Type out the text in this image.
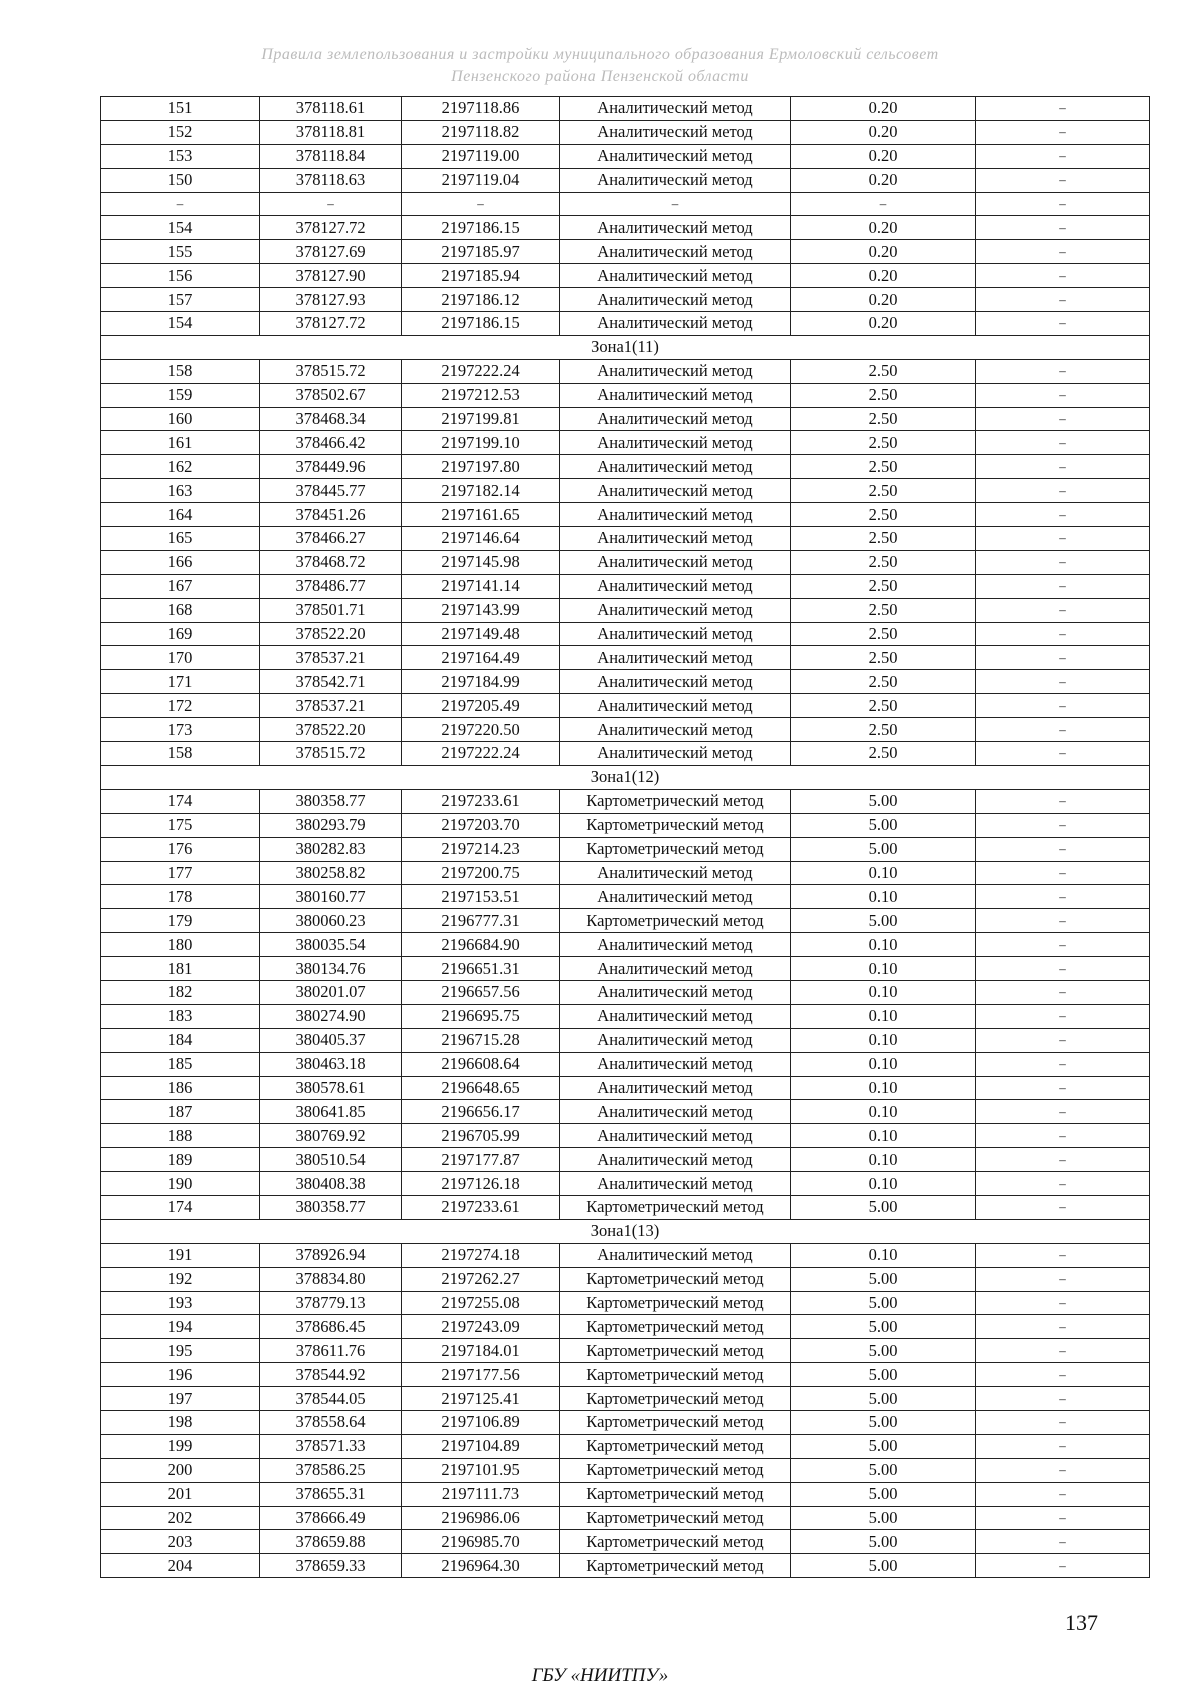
Правила землепользования и застройки муниципального образования Ермоловский сельсовет
Пензенского района Пензенской области
151	378118.61	2197118.86	Аналитический метод	0.20	–
152	378118.81	2197118.82	Аналитический метод	0.20	–
153	378118.84	2197119.00	Аналитический метод	0.20	–
150	378118.63	2197119.04	Аналитический метод	0.20	–
–	–	–	–	–	–
154	378127.72	2197186.15	Аналитический метод	0.20	–
155	378127.69	2197185.97	Аналитический метод	0.20	–
156	378127.90	2197185.94	Аналитический метод	0.20	–
157	378127.93	2197186.12	Аналитический метод	0.20	–
154	378127.72	2197186.15	Аналитический метод	0.20	–
Зона1(11)					
158	378515.72	2197222.24	Аналитический метод	2.50	–
159	378502.67	2197212.53	Аналитический метод	2.50	–
160	378468.34	2197199.81	Аналитический метод	2.50	–
161	378466.42	2197199.10	Аналитический метод	2.50	–
162	378449.96	2197197.80	Аналитический метод	2.50	–
163	378445.77	2197182.14	Аналитический метод	2.50	–
164	378451.26	2197161.65	Аналитический метод	2.50	–
165	378466.27	2197146.64	Аналитический метод	2.50	–
166	378468.72	2197145.98	Аналитический метод	2.50	–
167	378486.77	2197141.14	Аналитический метод	2.50	–
168	378501.71	2197143.99	Аналитический метод	2.50	–
169	378522.20	2197149.48	Аналитический метод	2.50	–
170	378537.21	2197164.49	Аналитический метод	2.50	–
171	378542.71	2197184.99	Аналитический метод	2.50	–
172	378537.21	2197205.49	Аналитический метод	2.50	–
173	378522.20	2197220.50	Аналитический метод	2.50	–
158	378515.72	2197222.24	Аналитический метод	2.50	–
Зона1(12)					
174	380358.77	2197233.61	Картометрический метод	5.00	–
175	380293.79	2197203.70	Картометрический метод	5.00	–
176	380282.83	2197214.23	Картометрический метод	5.00	–
177	380258.82	2197200.75	Аналитический метод	0.10	–
178	380160.77	2197153.51	Аналитический метод	0.10	–
179	380060.23	2196777.31	Картометрический метод	5.00	–
180	380035.54	2196684.90	Аналитический метод	0.10	–
181	380134.76	2196651.31	Аналитический метод	0.10	–
182	380201.07	2196657.56	Аналитический метод	0.10	–
183	380274.90	2196695.75	Аналитический метод	0.10	–
184	380405.37	2196715.28	Аналитический метод	0.10	–
185	380463.18	2196608.64	Аналитический метод	0.10	–
186	380578.61	2196648.65	Аналитический метод	0.10	–
187	380641.85	2196656.17	Аналитический метод	0.10	–
188	380769.92	2196705.99	Аналитический метод	0.10	–
189	380510.54	2197177.87	Аналитический метод	0.10	–
190	380408.38	2197126.18	Аналитический метод	0.10	–
174	380358.77	2197233.61	Картометрический метод	5.00	–
Зона1(13)					
191	378926.94	2197274.18	Аналитический метод	0.10	–
192	378834.80	2197262.27	Картометрический метод	5.00	–
193	378779.13	2197255.08	Картометрический метод	5.00	–
194	378686.45	2197243.09	Картометрический метод	5.00	–
195	378611.76	2197184.01	Картометрический метод	5.00	–
196	378544.92	2197177.56	Картометрический метод	5.00	–
197	378544.05	2197125.41	Картометрический метод	5.00	–
198	378558.64	2197106.89	Картометрический метод	5.00	–
199	378571.33	2197104.89	Картометрический метод	5.00	–
200	378586.25	2197101.95	Картометрический метод	5.00	–
201	378655.31	2197111.73	Картометрический метод	5.00	–
202	378666.49	2196986.06	Картометрический метод	5.00	–
203	378659.88	2196985.70	Картометрический метод	5.00	–
204	378659.33	2196964.30	Картометрический метод	5.00	–
137
ГБУ «НИИТПУ»
